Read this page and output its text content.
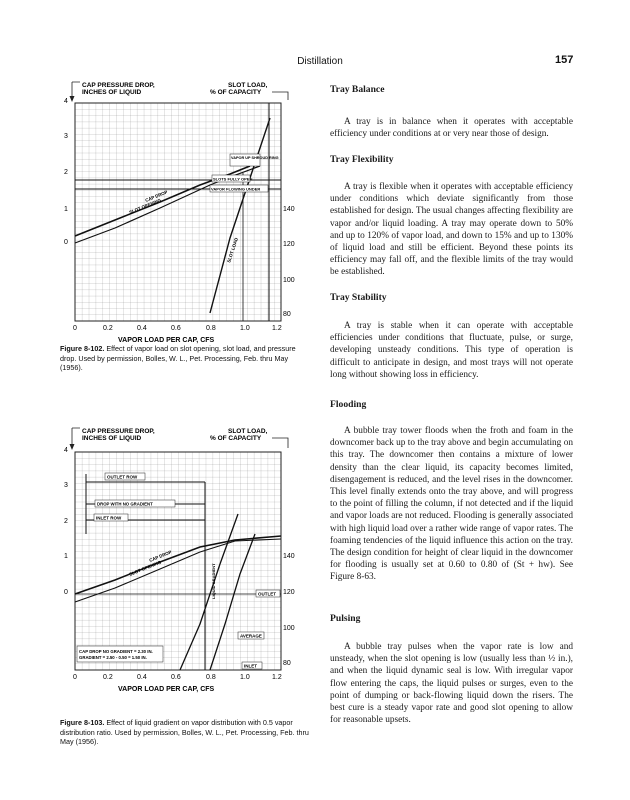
Distillation	157
CAP PRESSURE DROP,
INCHES OF LIQUID
SLOT LOAD,
% OF CAPACITY
4
3
2
1
0
140
120
100
80
0	0.2	0.4	0.6	0.8	1.0	1.2
VAPOR LOAD PER CAP, CFS
VAPOR UP SHROUD RING
SLOTS FULLY OPEN
VAPOR FLOWING UNDER
CAP DROP
SLOT OPENING
SLOT LOAD
Figure 8-102. Effect of vapor load on slot opening, slot load, and pressure drop. Used by permission, Bolles, W. L., Pet. Processing, Feb. thru May (1956).
CAP PRESSURE DROP,
INCHES OF LIQUID
SLOT LOAD,
% OF CAPACITY
4
3
2
1
0
140
120
100
80
0	0.2	0.4	0.6	0.8	1.0	1.2
VAPOR LOAD PER CAP, CFS
OUTLET ROW
DROP WITH NO GRADIENT
INLET ROW
CAP DROP
SLOT OPENING	LIQUID GRADIENT	OUTLET
AVERAGE
INLET
CAP DROP NO GRADIENT = 2.30 IN.
GRADIENT = 2.50 - 0.50 = 1.50 IN.
Figure 8-103. Effect of liquid gradient on vapor distribution with 0.5 vapor distribution ratio. Used by permission, Bolles, W. L., Pet. Processing, Feb. thru May (1956).
Tray Balance

A tray is in balance when it operates with acceptable efficiency under conditions at or very near those of design.

Tray Flexibility

A tray is flexible when it operates with acceptable efficiency under conditions which deviate significantly from those established for design. The usual changes affecting flexibility are vapor and/or liquid loading. A tray may operate down to 50% and up to 120% of vapor load, and down to 15% and up to 130% of liquid load and still be efficient. Beyond these points its efficiency may fall off, and the flexible limits of the tray would be established.

Tray Stability

A tray is stable when it can operate with acceptable efficiencies under conditions that fluctuate, pulse, or surge, developing unsteady conditions. This type of operation is difficult to anticipate in design, and most trays will not operate long without showing loss in efficiency.

Flooding

A bubble tray tower floods when the froth and foam in the downcomer back up to the tray above and begin accumulating on this tray. The downcomer then contains a mixture of lower density than the clear liquid, its capacity becomes limited, disengagement is reduced, and the level rises in the downcomer. This level finally extends onto the tray above, and will progress to the point of filling the column, if not detected and if the liquid and vapor loads are not reduced. Flooding is generally associated with high liquid load over a rather wide range of vapor rates. The foaming tendencies of the liquid influence this action on the tray. The design condition for height of clear liquid in the downcomer for flooding is usually set at 0.60 to 0.80 of (St + hw). See Figure 8-63.

Pulsing

A bubble tray pulses when the vapor rate is low and unsteady, when the slot opening is low (usually less than ½ in.), and when the liquid dynamic seal is low. With irregular vapor flow entering the caps, the liquid pulses or surges, even to the point of dumping or back-flowing liquid down the risers. The best cure is a steady vapor rate and good slot opening to allow for reasonable upsets.
